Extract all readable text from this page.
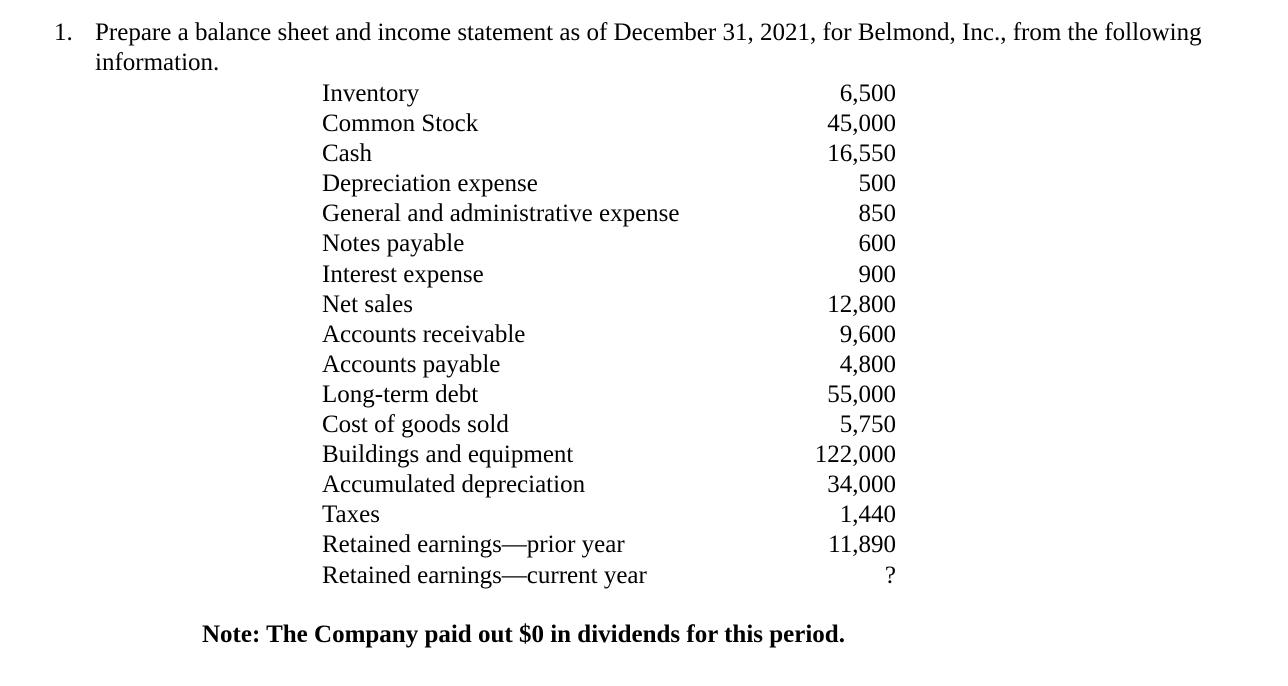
1. Prepare a balance sheet and income statement as of December 31, 2021, for Belmond, Inc., from the following information.
Inventory	6,500
Common Stock	45,000
Cash	16,550
Depreciation expense	500
General and administrative expense	850
Notes payable	600
Interest expense	900
Net sales	12,800
Accounts receivable	9,600
Accounts payable	4,800
Long-term debt	55,000
Cost of goods sold	5,750
Buildings and equipment	122,000
Accumulated depreciation	34,000
Taxes	1,440
Retained earnings—prior year	11,890
Retained earnings—current year	?
Note: The Company paid out $0 in dividends for this period.
